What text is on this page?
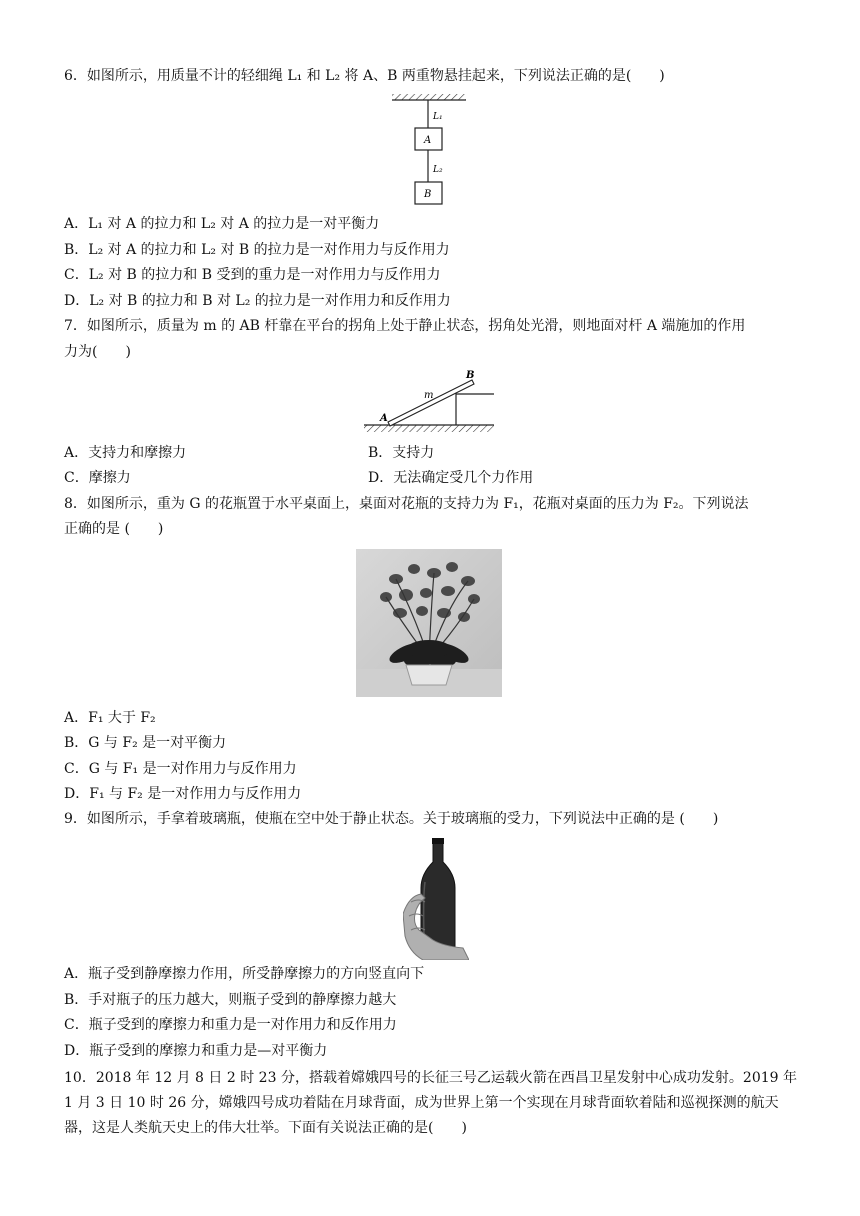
6．如图所示，用质量不计的轻细绳 L₁ 和 L₂ 将 A、B 两重物悬挂起来，下列说法正确的是(　　)
L₁
A
L₂
B
A．L₁ 对 A 的拉力和 L₂ 对 A 的拉力是一对平衡力
B．L₂ 对 A 的拉力和 L₂ 对 B 的拉力是一对作用力与反作用力
C．L₂ 对 B 的拉力和 B 受到的重力是一对作用力与反作用力
D．L₂ 对 B 的拉力和 B 对 L₂ 的拉力是一对作用力和反作用力
7．如图所示，质量为 m 的 AB 杆靠在平台的拐角上处于静止状态，拐角处光滑，则地面对杆 A 端施加的作用
力为(　　)
A
B
m
A．支持力和摩擦力	B．支持力
C．摩擦力	D．无法确定受几个力作用
8．如图所示，重为 G 的花瓶置于水平桌面上，桌面对花瓶的支持力为 F₁，花瓶对桌面的压力为 F₂。下列说法
正确的是 (　　)
A．F₁ 大于 F₂
B．G 与 F₂ 是一对平衡力
C．G 与 F₁ 是一对作用力与反作用力
D．F₁ 与 F₂ 是一对作用力与反作用力
9．如图所示，手拿着玻璃瓶，使瓶在空中处于静止状态。关于玻璃瓶的受力，下列说法中正确的是 (　　)
A．瓶子受到静摩擦力作用，所受静摩擦力的方向竖直向下
B．手对瓶子的压力越大，则瓶子受到的静摩擦力越大
C．瓶子受到的摩擦力和重力是一对作用力和反作用力
D．瓶子受到的摩擦力和重力是—对平衡力
10．2018 年 12 月 8 日 2 时 23 分，搭载着嫦娥四号的长征三号乙运载火箭在西昌卫星发射中心成功发射。2019 年 1 月 3 日 10 时 26 分，嫦娥四号成功着陆在月球背面，成为世界上第一个实现在月球背面软着陆和巡视探测的航天器，这是人类航天史上的伟大壮举。下面有关说法正确的是(　　)
